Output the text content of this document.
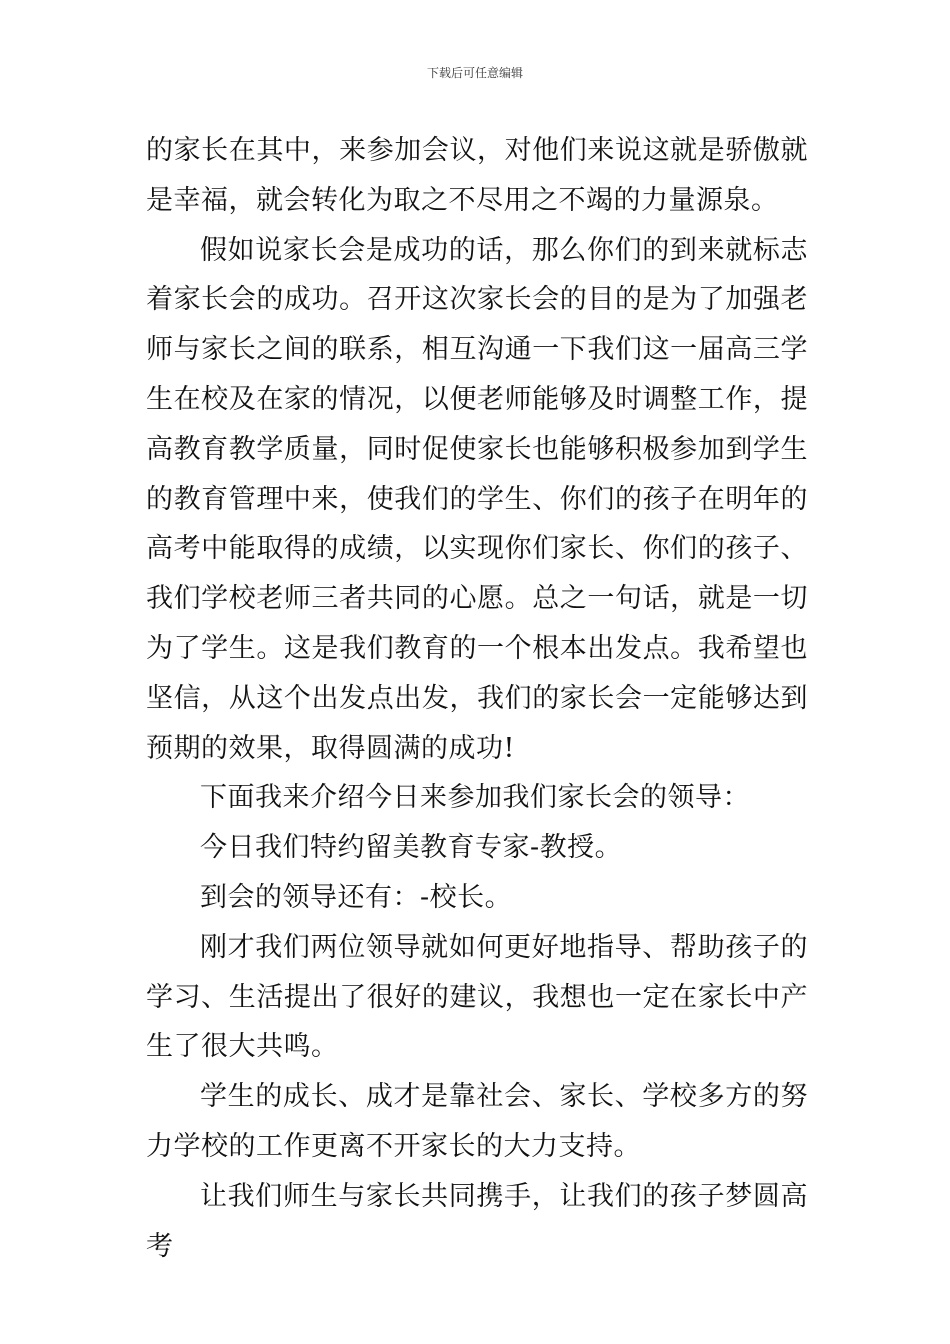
下载后可任意编辑

的家长在其中，来参加会议，对他们来说这就是骄傲就是幸福，就会转化为取之不尽用之不竭的力量源泉。

假如说家长会是成功的话，那么你们的到来就标志着家长会的成功。召开这次家长会的目的是为了加强老师与家长之间的联系，相互沟通一下我们这一届高三学生在校及在家的情况，以便老师能够及时调整工作，提高教育教学质量，同时促使家长也能够积极参加到学生的教育管理中来，使我们的学生、你们的孩子在明年的高考中能取得的成绩，以实现你们家长、你们的孩子、我们学校老师三者共同的心愿。总之一句话，就是一切为了学生。这是我们教育的一个根本出发点。我希望也坚信，从这个出发点出发，我们的家长会一定能够达到预期的效果，取得圆满的成功!

下面我来介绍今日来参加我们家长会的领导：

今日我们特约留美教育专家-教授。

到会的领导还有：-校长。

刚才我们两位领导就如何更好地指导、帮助孩子的学习、生活提出了很好的建议，我想也一定在家长中产生了很大共鸣。

学生的成长、成才是靠社会、家长、学校多方的努力学校的工作更离不开家长的大力支持。

让我们师生与家长共同携手，让我们的孩子梦圆高考
